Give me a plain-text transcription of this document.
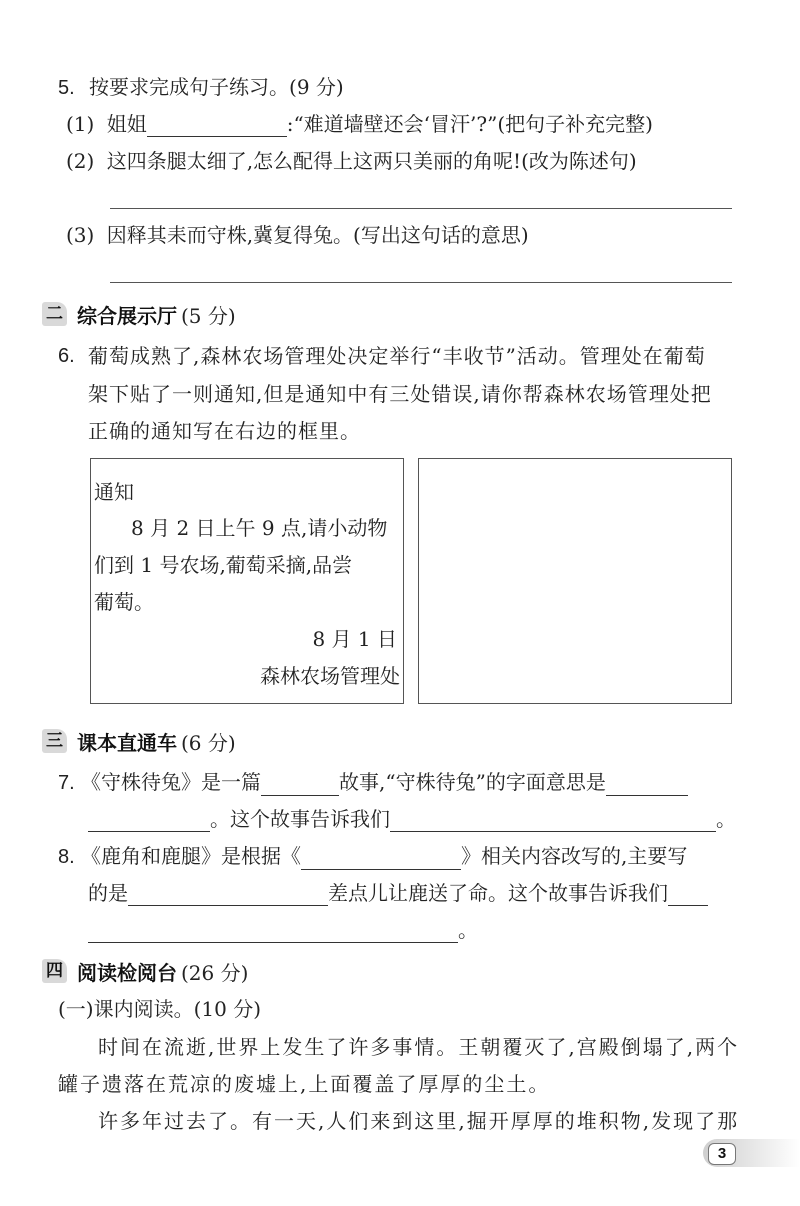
5. 按要求完成句子练习。(9 分)
(1) 姐姐	:“难道墙壁还会‘冒汗’?”(把句子补充完整)
(2) 这四条腿太细了,怎么配得上这两只美丽的角呢!(改为陈述句)
(3) 因释其耒而守株,冀复得兔。(写出这句话的意思)
二 综合展示厅 (5 分)
6. 葡萄成熟了,森林农场管理处决定举行“丰收节”活动。管理处在葡萄
架下贴了一则通知,但是通知中有三处错误,请你帮森林农场管理处把
正确的通知写在右边的框里。
通知
8 月 2 日上午 9 点,请小动物
们到 1 号农场,葡萄采摘,品尝
葡萄。
8 月 1 日
森林农场管理处
三 课本直通车 (6 分)
7. 《守株待兔》是一篇	故事,“守株待兔”的字面意思是
。这个故事告诉我们	。
8. 《鹿角和鹿腿》是根据《	》相关内容改写的,主要写
的是	差点儿让鹿送了命。这个故事告诉我们
。
四 阅读检阅台 (26 分)
(一)课内阅读。(10 分)
时间在流逝,世界上发生了许多事情。王朝覆灭了,宫殿倒塌了,两个
罐子遗落在荒凉的废墟上,上面覆盖了厚厚的尘土。
许多年过去了。有一天,人们来到这里,掘开厚厚的堆积物,发现了那
3
